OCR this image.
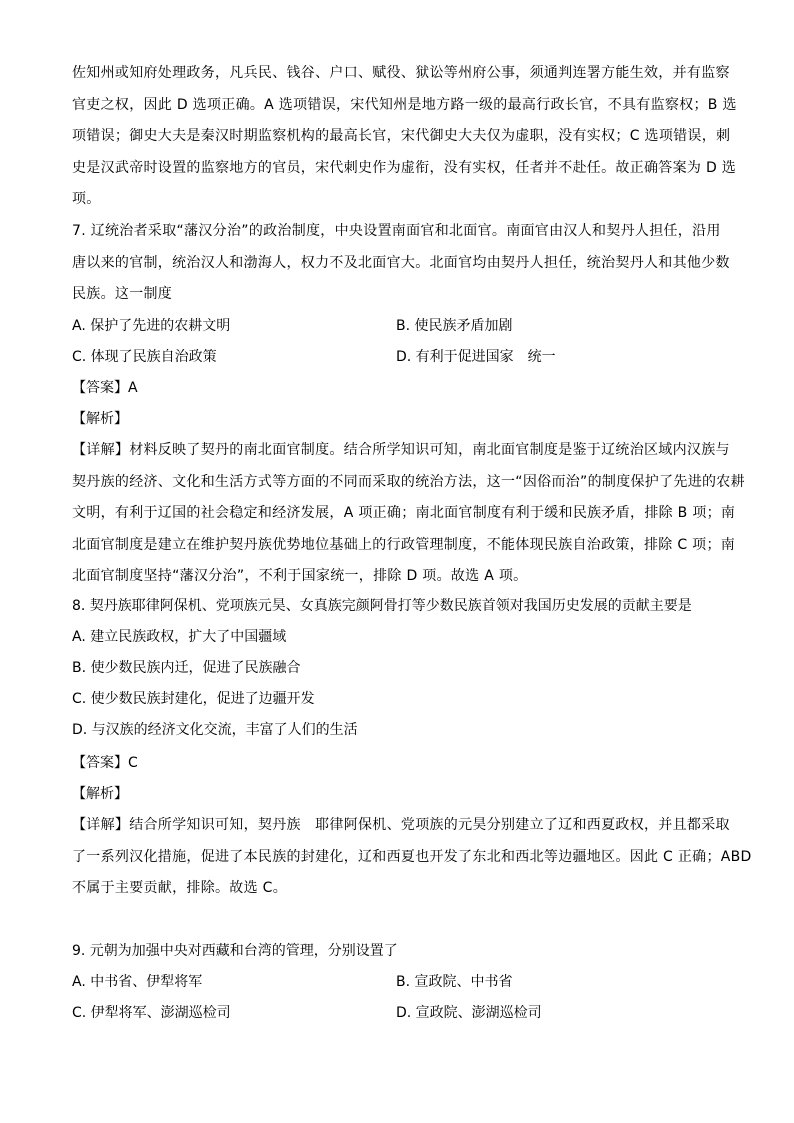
佐知州或知府处理政务，凡兵民、钱谷、户口、赋役、狱讼等州府公事，须通判连署方能生效，并有监察
官吏之权，因此 D 选项正确。A 选项错误，宋代知州是地方路一级的最高行政长官，不具有监察权；B 选
项错误；御史大夫是秦汉时期监察机构的最高长官，宋代御史大夫仅为虚职，没有实权；C 选项错误，刺
史是汉武帝时设置的监察地方的官员，宋代刺史作为虚衔，没有实权，任者并不赴任。故正确答案为 D 选
项。
7. 辽统治者采取“藩汉分治”的政治制度，中央设置南面官和北面官。南面官由汉人和契丹人担任，沿用
唐以来的官制，统治汉人和渤海人，权力不及北面官大。北面官均由契丹人担任，统治契丹人和其他少数
民族。这一制度
A. 保护了先进的农耕文明	B. 使民族矛盾加剧
C. 体现了民族自治政策	D. 有利于促进国家　统一
【答案】A
【解析】
【详解】材料反映了契丹的南北面官制度。结合所学知识可知，南北面官制度是鉴于辽统治区域内汉族与
契丹族的经济、文化和生活方式等方面的不同而采取的统治方法，这一“因俗而治”的制度保护了先进的农耕
文明，有利于辽国的社会稳定和经济发展，A 项正确；南北面官制度有利于缓和民族矛盾，排除 B 项；南
北面官制度是建立在维护契丹族优势地位基础上的行政管理制度，不能体现民族自治政策，排除 C 项；南
北面官制度坚持“藩汉分治”，不利于国家统一，排除 D 项。故选 A 项。
8. 契丹族耶律阿保机、党项族元昊、女真族完颜阿骨打等少数民族首领对我国历史发展的贡献主要是
A. 建立民族政权，扩大了中国疆域
B. 使少数民族内迁，促进了民族融合
C. 使少数民族封建化，促进了边疆开发
D. 与汉族的经济文化交流，丰富了人们的生活
【答案】C
【解析】
【详解】结合所学知识可知，契丹族　耶律阿保机、党项族的元昊分别建立了辽和西夏政权，并且都采取
了一系列汉化措施，促进了本民族的封建化，辽和西夏也开发了东北和西北等边疆地区。因此 C 正确；ABD
不属于主要贡献，排除。故选 C。
9. 元朝为加强中央对西藏和台湾的管理，分别设置了
A. 中书省、伊犁将军	B. 宣政院、中书省
C. 伊犁将军、澎湖巡检司	D. 宣政院、澎湖巡检司
